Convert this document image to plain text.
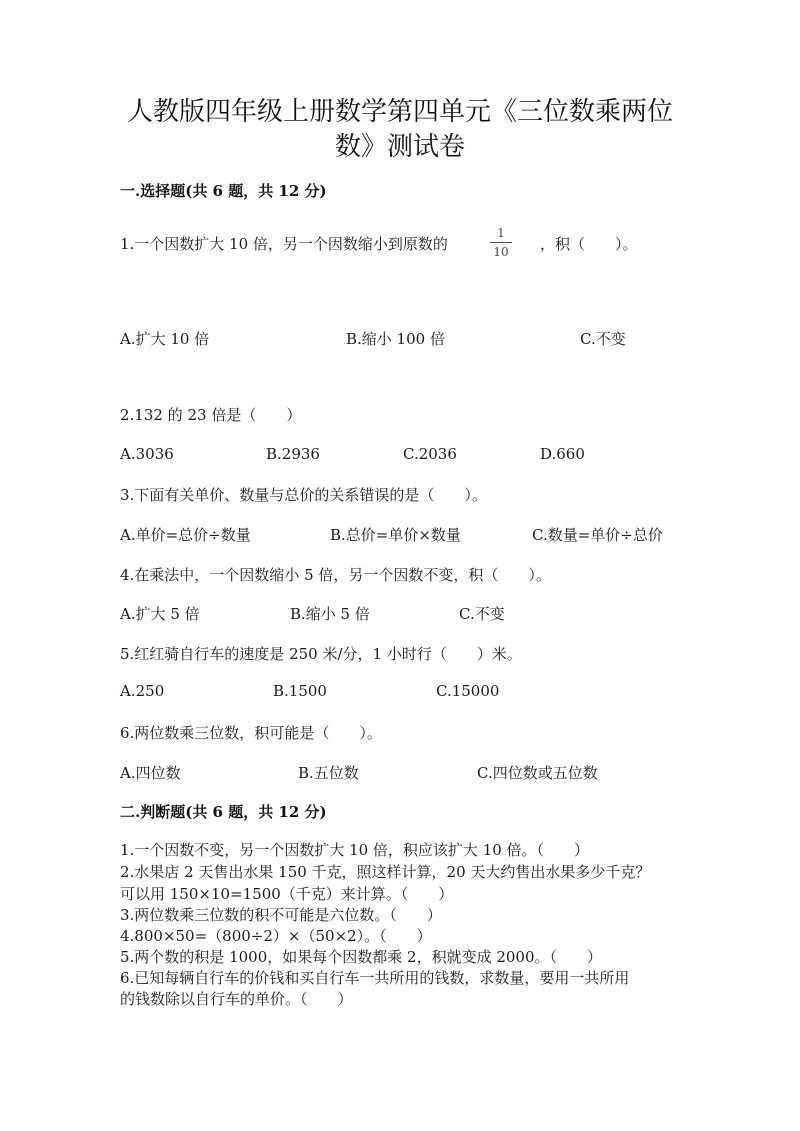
人教版四年级上册数学第四单元《三位数乘两位
数》测试卷
一.选择题(共 6 题，共 12 分)
1.一个因数扩大 10 倍，另一个因数缩小到原数的
1
10	，积（　　）。
A.扩大 10 倍	B.缩小 100 倍	C.不变
2.132 的 23 倍是（　　）
A.3036	B.2936	C.2036	D.660
3.下面有关单价、数量与总价的关系错误的是（　　）。
A.单价=总价÷数量	B.总价=单价×数量	C.数量=单价÷总价
4.在乘法中，一个因数缩小 5 倍，另一个因数不变，积（　　）。
A.扩大 5 倍	B.缩小 5 倍	C.不变
5.红红骑自行车的速度是 250 米/分，1 小时行（　　）米。
A.250	B.1500	C.15000
6.两位数乘三位数，积可能是（　　）。
A.四位数	B.五位数	C.四位数或五位数
二.判断题(共 6 题，共 12 分)
1.一个因数不变，另一个因数扩大 10 倍，积应该扩大 10 倍。（　　）
2.水果店 2 天售出水果 150 千克，照这样计算，20 天大约售出水果多少千克？
可以用 150×10=1500（千克）来计算。（　　）
3.两位数乘三位数的积不可能是六位数。（　　）
4.800×50=（800÷2）×（50×2）。（　　）
5.两个数的积是 1000，如果每个因数都乘 2，积就变成 2000。（　　）
6.已知每辆自行车的价钱和买自行车一共所用的钱数，求数量，要用一共所用
的钱数除以自行车的单价。（　　）
